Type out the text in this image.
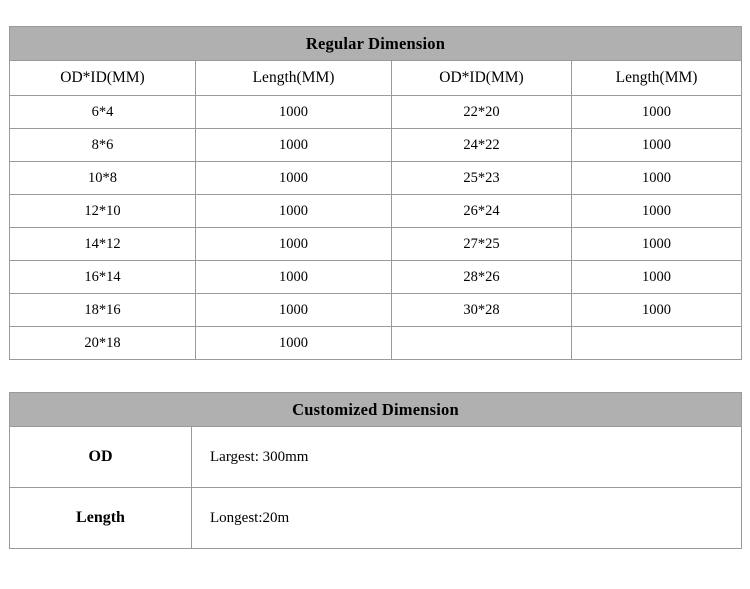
Regular Dimension			
OD*ID(MM)	Length(MM)	OD*ID(MM)	Length(MM)
6*4	1000	22*20	1000
8*6	1000	24*22	1000
10*8	1000	25*23	1000
12*10	1000	26*24	1000
14*12	1000	27*25	1000
16*14	1000	28*26	1000
18*16	1000	30*28	1000
20*18	1000		
Customized Dimension	
OD	Largest: 300mm
Length	Longest:20m
